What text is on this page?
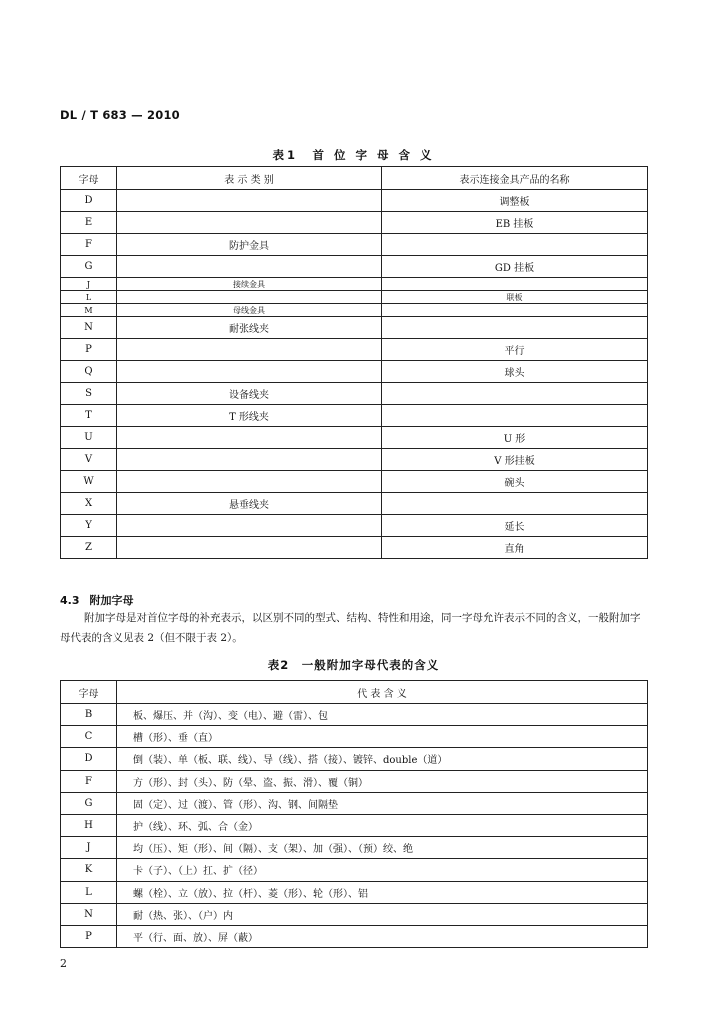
DL / T 683 — 2010
表1　首 位 字 母 含 义
字母	表 示 类 别	表示连接金具产品的名称
D		调整板
E		EB 挂板
F	防护金具	
G		GD 挂板
J	接续金具	
L		联板
M	母线金具	
N	耐张线夹	
P		平行
Q		球头
S	设备线夹	
T	T 形线夹	
U		U 形
V		V 形挂板
W		碗头
X	悬垂线夹	
Y		延长
Z		直角
4.3 附加字母
附加字母是对首位字母的补充表示，以区别不同的型式、结构、特性和用途，同一字母允许表示不同的含义，一般附加字母代表的含义见表 2（但不限于表 2）。
表2　一般附加字母代表的含义
字母	代 表 含 义
B	板、爆压、并（沟）、变（电）、避（雷）、包
C	槽（形）、垂（直）
D	倒（装）、单（板、联、线）、导（线）、搭（接）、镀锌、double（道）
F	方（形）、封（头）、防（晕、盗、振、滑）、覆（铜）
G	固（定）、过（渡）、管（形）、沟、钢、间隔垫
H	护（线）、环、弧、合（金）
J	均（压）、矩（形）、间（隔）、支（架）、加（强）、（预）绞、绝
K	卡（子）、（上）扛、扩（径）
L	螺（栓）、立（放）、拉（杆）、菱（形）、轮（形）、铝
N	耐（热、张）、（户）内
P	平（行、面、放）、屏（蔽）
2
